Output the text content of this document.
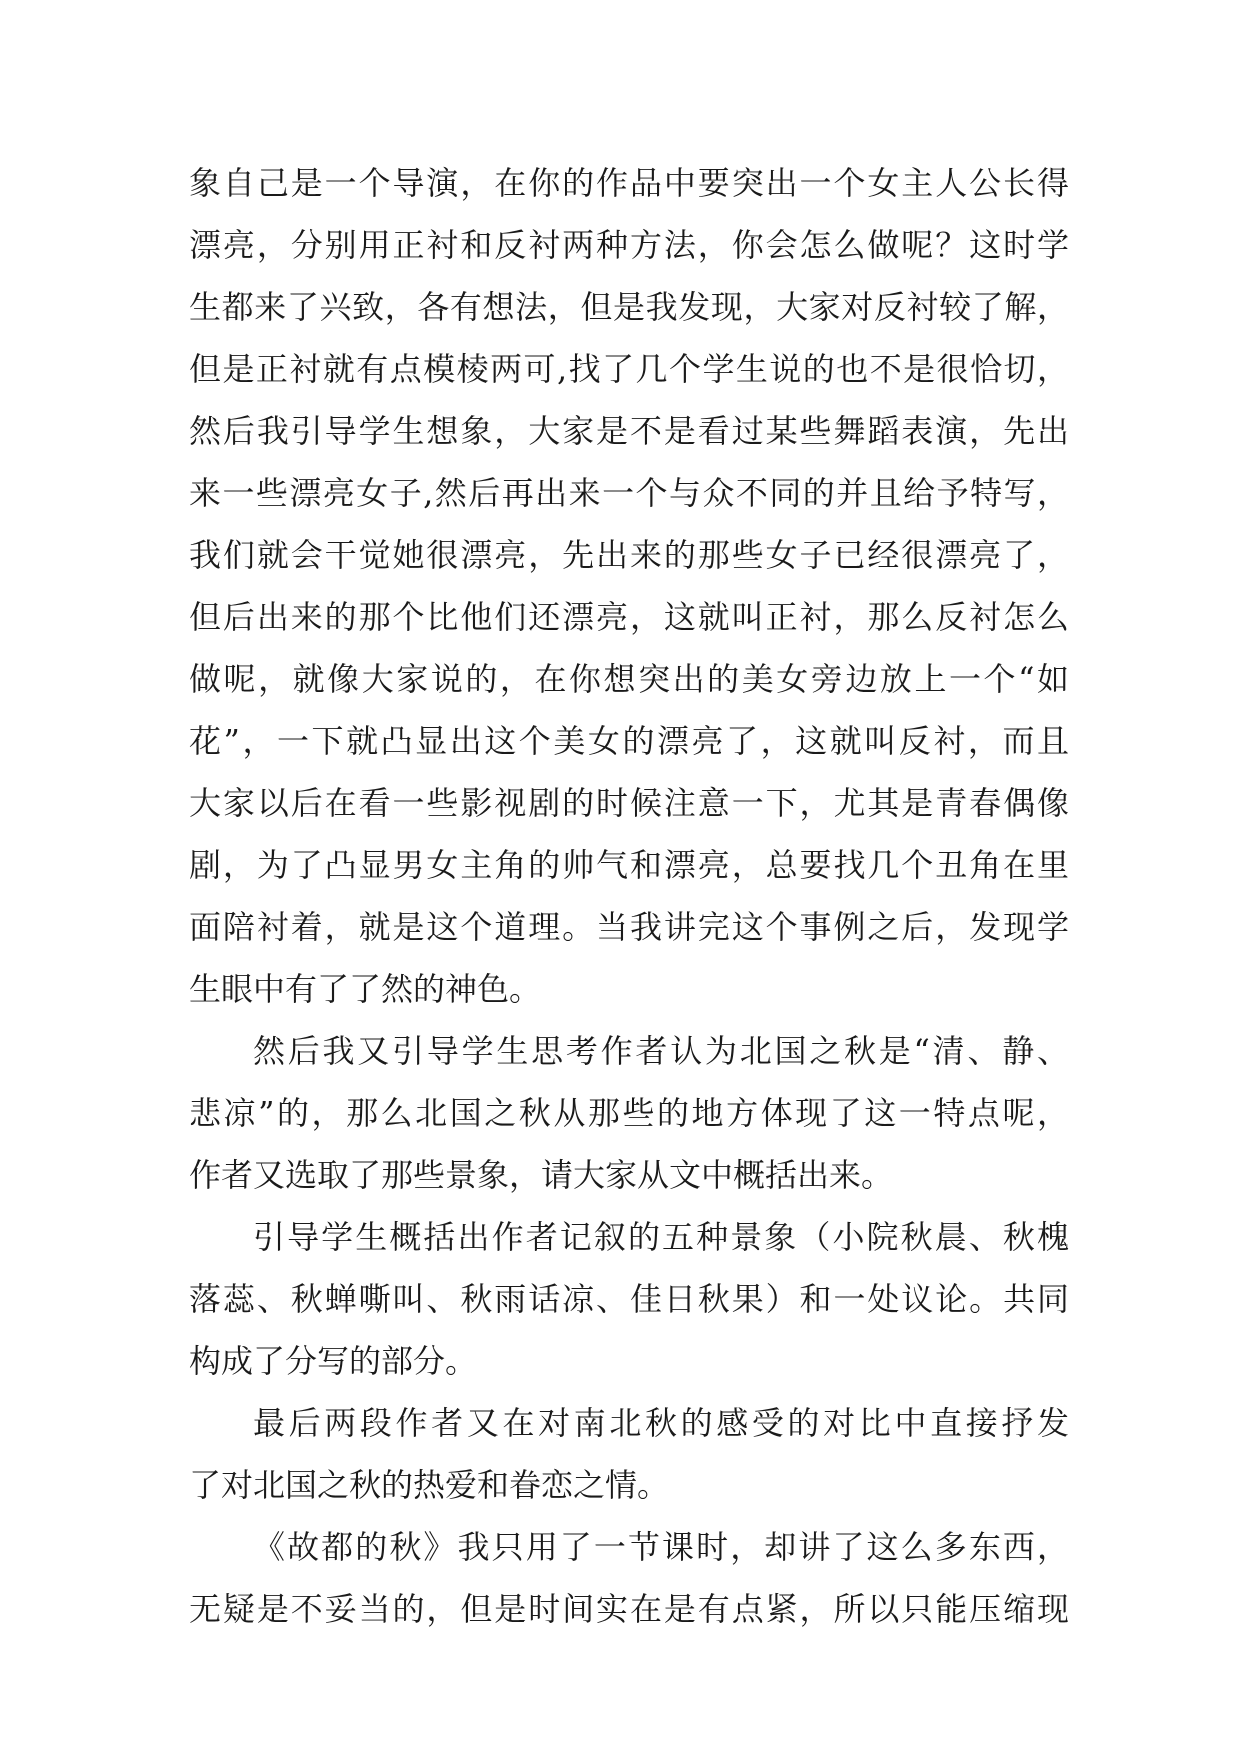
象自己是一个导演，在你的作品中要突出一个女主人公长得
漂亮，分别用正衬和反衬两种方法，你会怎么做呢？这时学
生都来了兴致，各有想法，但是我发现，大家对反衬较了解，
但是正衬就有点模棱两可,找了几个学生说的也不是很恰切，
然后我引导学生想象，大家是不是看过某些舞蹈表演，先出
来一些漂亮女子,然后再出来一个与众不同的并且给予特写，
我们就会干觉她很漂亮，先出来的那些女子已经很漂亮了，
但后出来的那个比他们还漂亮，这就叫正衬，那么反衬怎么
做呢，就像大家说的，在你想突出的美女旁边放上一个“如
花”，一下就凸显出这个美女的漂亮了，这就叫反衬，而且
大家以后在看一些影视剧的时候注意一下，尤其是青春偶像
剧，为了凸显男女主角的帅气和漂亮，总要找几个丑角在里
面陪衬着，就是这个道理。当我讲完这个事例之后，发现学
生眼中有了了然的神色。
然后我又引导学生思考作者认为北国之秋是“清、静、
悲凉”的，那么北国之秋从那些的地方体现了这一特点呢，
作者又选取了那些景象，请大家从文中概括出来。
引导学生概括出作者记叙的五种景象（小院秋晨、秋槐
落蕊、秋蝉嘶叫、秋雨话凉、佳日秋果）和一处议论。共同
构成了分写的部分。
最后两段作者又在对南北秋的感受的对比中直接抒发
了对北国之秋的热爱和眷恋之情。
《故都的秋》我只用了一节课时，却讲了这么多东西，
无疑是不妥当的，但是时间实在是有点紧，所以只能压缩现
